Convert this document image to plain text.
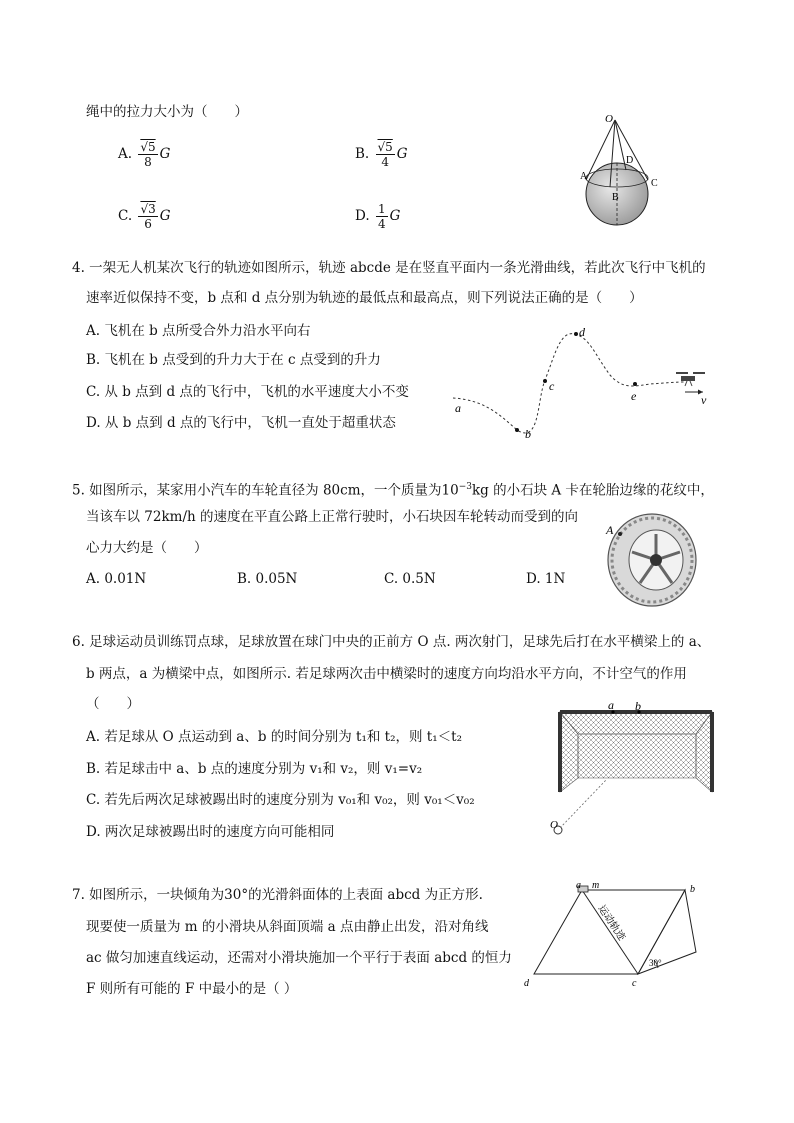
绳中的拉力大小为（　　）
A. $\frac{√5}{8}$ G	B. $\frac{√5}{4}$ G
C. $\frac{√3}{6}$ G	D. $\frac{1}{4}$ G
O
A
B
C
D
4. 一架无人机某次飞行的轨迹如图所示，轨迹 abcde 是在竖直平面内一条光滑曲线，若此次飞行中飞机的
速率近似保持不变，b 点和 d 点分别为轨迹的最低点和最高点，则下列说法正确的是（　　）
A. 飞机在 b 点所受合外力沿水平向右
B. 飞机在 b 点受到的升力大于在 c 点受到的升力
C. 从 b 点到 d 点的飞行中，飞机的水平速度大小不变
D. 从 b 点到 d 点的飞行中，飞机一直处于超重状态
a
b
c
d
e	v
5. 如图所示，某家用小汽车的车轮直径为 80cm，一个质量为$10^{-3}kg$ 的小石块 A 卡在轮胎边缘的花纹中，
当该车以 72km/h 的速度在平直公路上正常行驶时，小石块因车轮转动而受到的向
心力大约是（　　）
A. 0.01N	B. 0.05N	C. 0.5N	D. 1N
A
6. 足球运动员训练罚点球，足球放置在球门中央的正前方 O 点. 两次射门，足球先后打在水平横梁上的 a、
b 两点，a 为横梁中点，如图所示. 若足球两次击中横梁时的速度方向均沿水平方向，不计空气的作用
（　　）
A. 若足球从 O 点运动到 a、b 的时间分别为 t₁和 t₂，则 t₁＜t₂
B. 若足球击中 a、b 点的速度分别为 v₁和 v₂，则 v₁=v₂
C. 若先后两次足球被踢出时的速度分别为 v₀₁和 v₀₂，则 v₀₁＜v₀₂
D. 两次足球被踢出时的速度方向可能相同
a b
O
7. 如图所示，一块倾角为30°的光滑斜面体的上表面 abcd 为正方形.
现要使一质量为 m 的小滑块从斜面顶端 a 点由静止出发，沿对角线
ac 做匀加速直线运动，还需对小滑块施加一个平行于表面 abcd 的恒力
F 则所有可能的 F 中最小的是（ ）
a m	b
c
d
30°
运动轨迹
